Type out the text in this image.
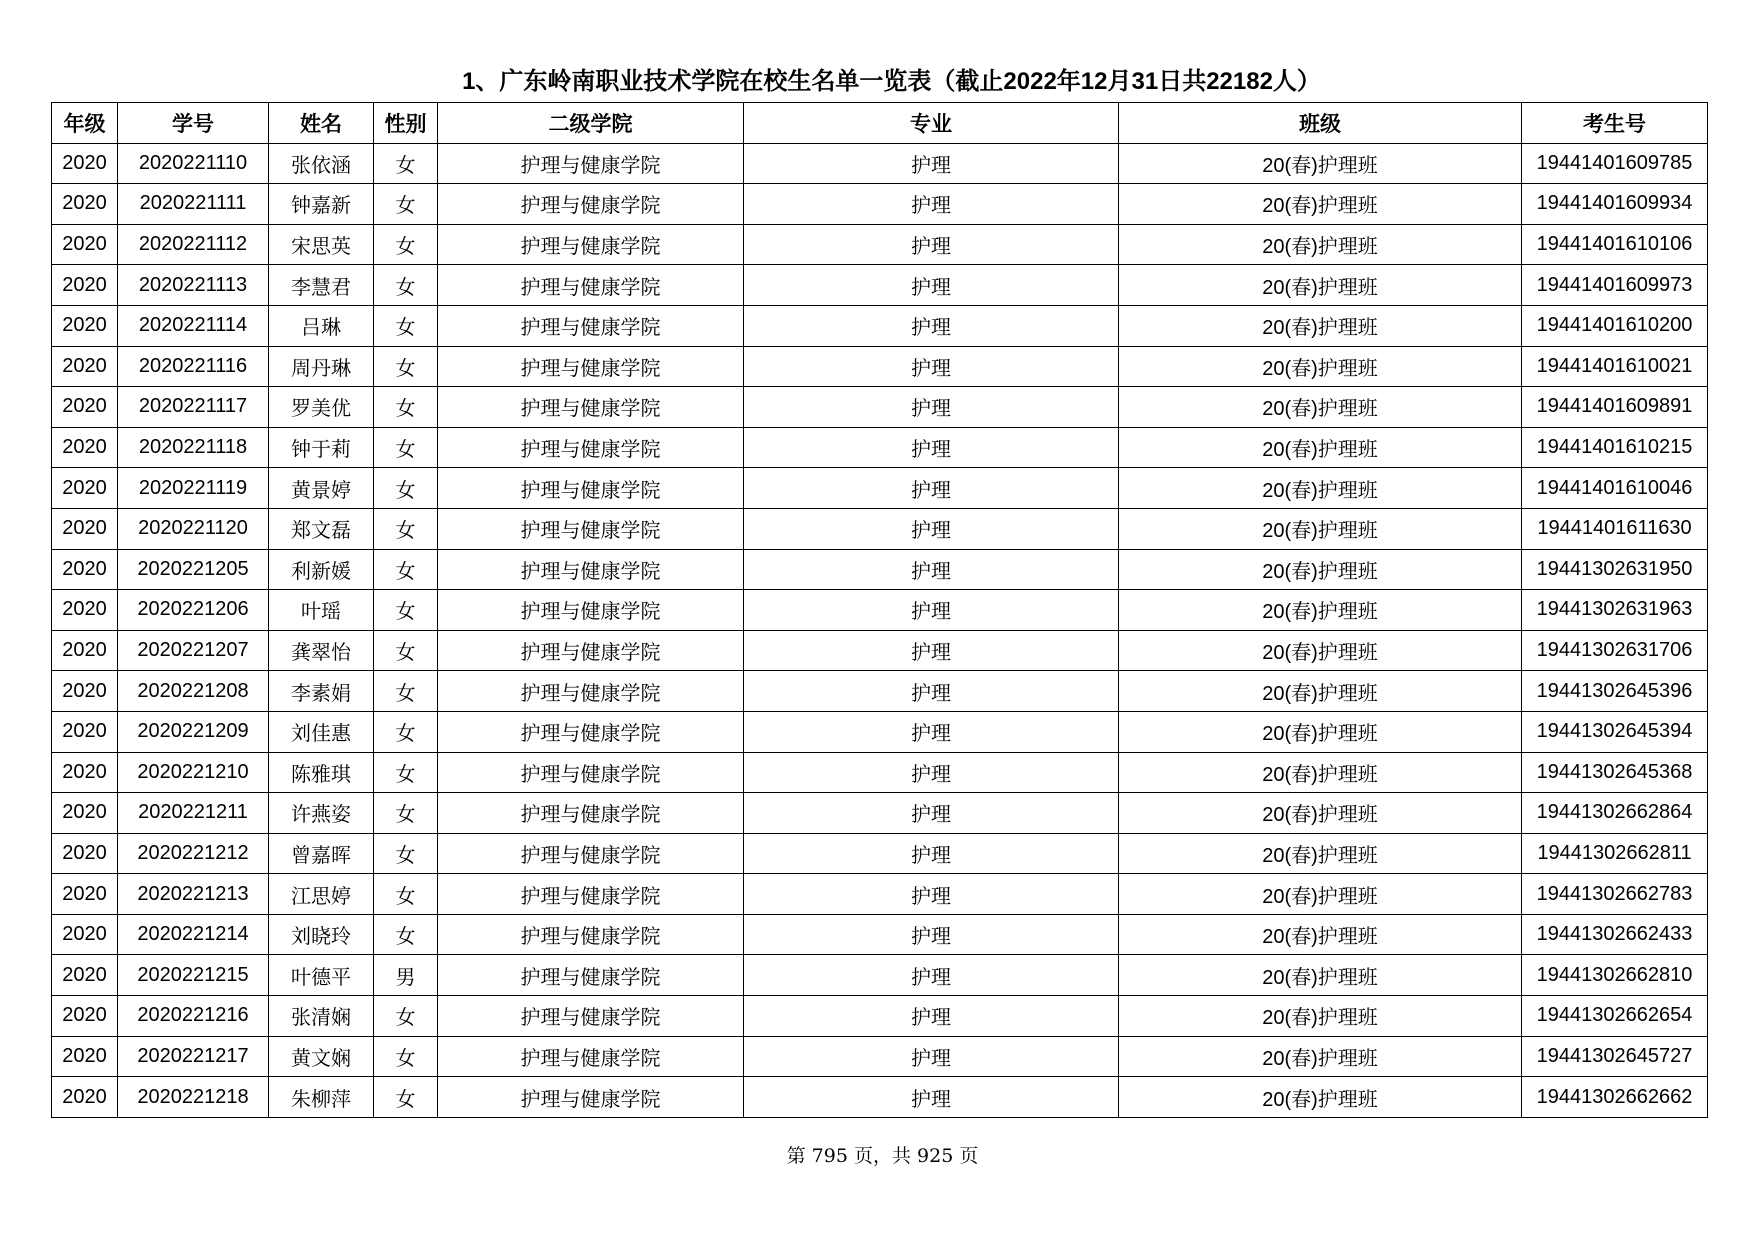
1、广东岭南职业技术学院在校生名单一览表（截止2022年12月31日共22182人）
年级	学号	姓名	性别	二级学院	专业	班级	考生号
2020	2020221110	张依涵	女	护理与健康学院	护理	20(春)护理班	19441401609785
2020	2020221111	钟嘉新	女	护理与健康学院	护理	20(春)护理班	19441401609934
2020	2020221112	宋思英	女	护理与健康学院	护理	20(春)护理班	19441401610106
2020	2020221113	李慧君	女	护理与健康学院	护理	20(春)护理班	19441401609973
2020	2020221114	吕琳	女	护理与健康学院	护理	20(春)护理班	19441401610200
2020	2020221116	周丹琳	女	护理与健康学院	护理	20(春)护理班	19441401610021
2020	2020221117	罗美优	女	护理与健康学院	护理	20(春)护理班	19441401609891
2020	2020221118	钟于莉	女	护理与健康学院	护理	20(春)护理班	19441401610215
2020	2020221119	黄景婷	女	护理与健康学院	护理	20(春)护理班	19441401610046
2020	2020221120	郑文磊	女	护理与健康学院	护理	20(春)护理班	19441401611630
2020	2020221205	利新媛	女	护理与健康学院	护理	20(春)护理班	19441302631950
2020	2020221206	叶瑶	女	护理与健康学院	护理	20(春)护理班	19441302631963
2020	2020221207	龚翠怡	女	护理与健康学院	护理	20(春)护理班	19441302631706
2020	2020221208	李素娟	女	护理与健康学院	护理	20(春)护理班	19441302645396
2020	2020221209	刘佳惠	女	护理与健康学院	护理	20(春)护理班	19441302645394
2020	2020221210	陈雅琪	女	护理与健康学院	护理	20(春)护理班	19441302645368
2020	2020221211	许燕姿	女	护理与健康学院	护理	20(春)护理班	19441302662864
2020	2020221212	曾嘉晖	女	护理与健康学院	护理	20(春)护理班	19441302662811
2020	2020221213	江思婷	女	护理与健康学院	护理	20(春)护理班	19441302662783
2020	2020221214	刘晓玲	女	护理与健康学院	护理	20(春)护理班	19441302662433
2020	2020221215	叶德平	男	护理与健康学院	护理	20(春)护理班	19441302662810
2020	2020221216	张清娴	女	护理与健康学院	护理	20(春)护理班	19441302662654
2020	2020221217	黄文娴	女	护理与健康学院	护理	20(春)护理班	19441302645727
2020	2020221218	朱柳萍	女	护理与健康学院	护理	20(春)护理班	19441302662662
第 795 页，共 925 页
